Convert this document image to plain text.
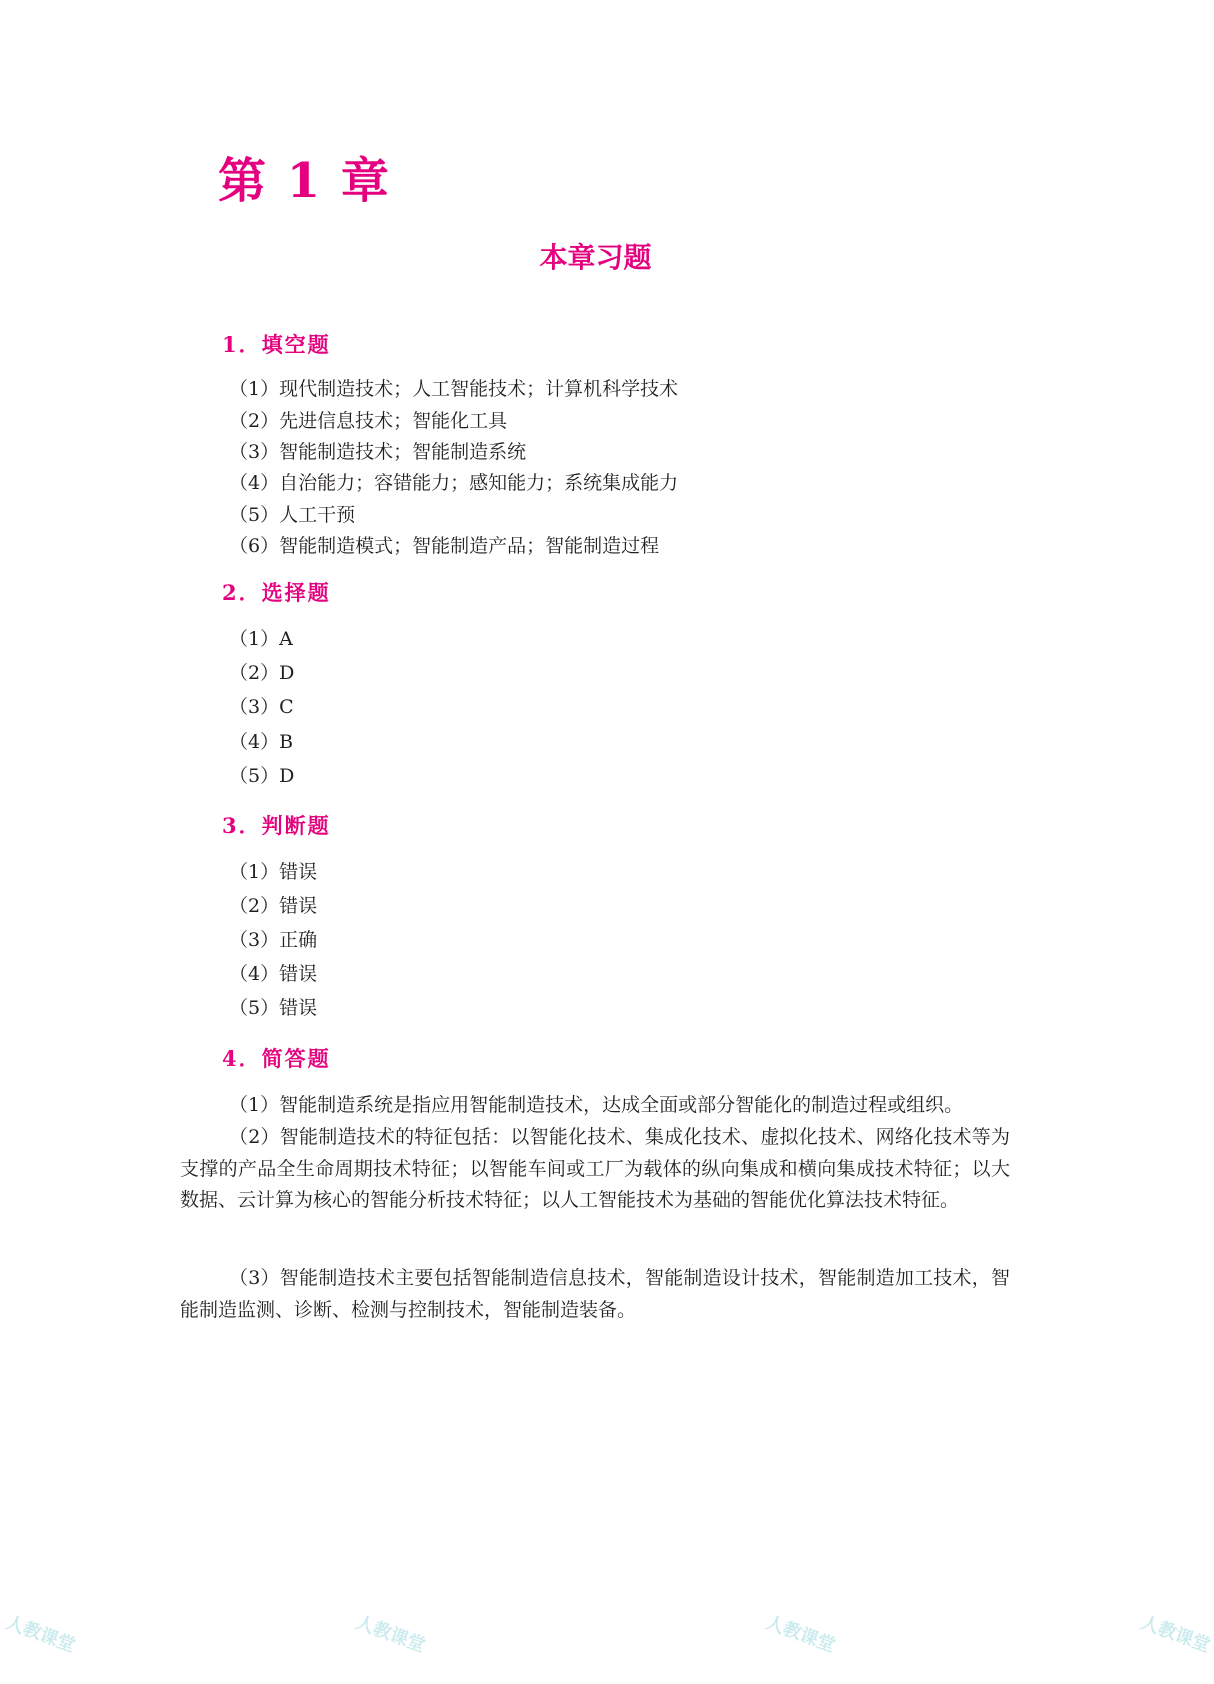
第 1 章
本章习题
1．填空题

（1）现代制造技术；人工智能技术；计算机科学技术

（2）先进信息技术；智能化工具

（3）智能制造技术；智能制造系统

（4）自治能力；容错能力；感知能力；系统集成能力

（5）人工干预

（6）智能制造模式；智能制造产品；智能制造过程

2．选择题

（1）A

（2）D

（3）C

（4）B

（5）D

3．判断题

（1）错误

（2）错误

（3）正确

（4）错误

（5）错误

4．简答题

（1）智能制造系统是指应用智能制造技术，达成全面或部分智能化的制造过程或组织。

（2）智能制造技术的特征包括：以智能化技术、集成化技术、虚拟化技术、网络化技术等为支撑的产品全生命周期技术特征；以智能车间或工厂为载体的纵向集成和横向集成技术特征；以大数据、云计算为核心的智能分析技术特征；以人工智能技术为基础的智能优化算法技术特征。

（3）智能制造技术主要包括智能制造信息技术，智能制造设计技术，智能制造加工技术，智能制造监测、诊断、检测与控制技术，智能制造装备。

人教课堂	人教课堂	人教课堂	人教课堂
